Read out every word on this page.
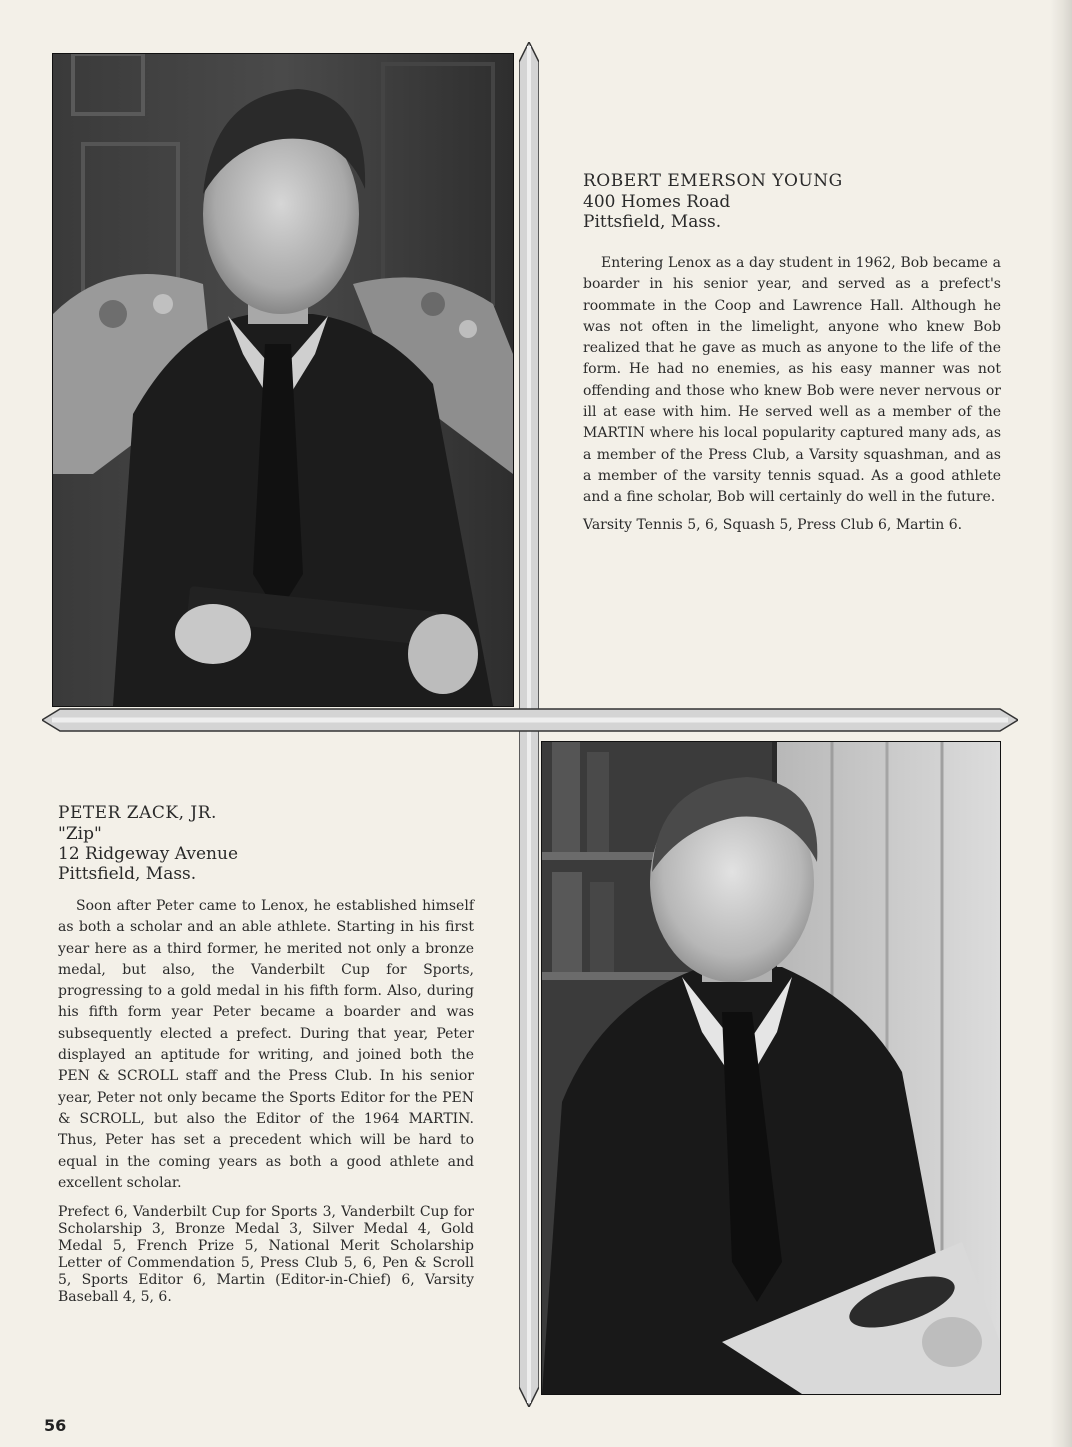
ROBERT EMERSON YOUNG
400 Homes Road
Pittsfield, Mass.

Entering Lenox as a day student in 1962, Bob became a boarder in his senior year, and served as a prefect's roommate in the Coop and Lawrence Hall. Although he was not often in the limelight, anyone who knew Bob realized that he gave as much as anyone to the life of the form. He had no enemies, as his easy manner was not offending and those who knew Bob were never nervous or ill at ease with him. He served well as a member of the MARTIN where his local popularity captured many ads, as a member of the Press Club, a Varsity squashman, and as a member of the varsity tennis squad. As a good athlete and a fine scholar, Bob will certainly do well in the future.

Varsity Tennis 5, 6, Squash 5, Press Club 6, Martin 6.

PETER ZACK, JR.
"Zip"
12 Ridgeway Avenue
Pittsfield, Mass.

Soon after Peter came to Lenox, he established himself as both a scholar and an able athlete. Starting in his first year here as a third former, he merited not only a bronze medal, but also, the Vanderbilt Cup for Sports, progressing to a gold medal in his fifth form. Also, during his fifth form year Peter became a boarder and was subsequently elected a prefect. During that year, Peter displayed an aptitude for writing, and joined both the PEN & SCROLL staff and the Press Club. In his senior year, Peter not only became the Sports Editor for the PEN & SCROLL, but also the Editor of the 1964 MARTIN. Thus, Peter has set a precedent which will be hard to equal in the coming years as both a good athlete and excellent scholar.

Prefect 6, Vanderbilt Cup for Sports 3, Vanderbilt Cup for Scholarship 3, Bronze Medal 3, Silver Medal 4, Gold Medal 5, French Prize 5, National Merit Scholarship Letter of Commendation 5, Press Club 5, 6, Pen & Scroll 5, Sports Editor 6, Martin (Editor-in-Chief) 6, Varsity Baseball 4, 5, 6.

56
